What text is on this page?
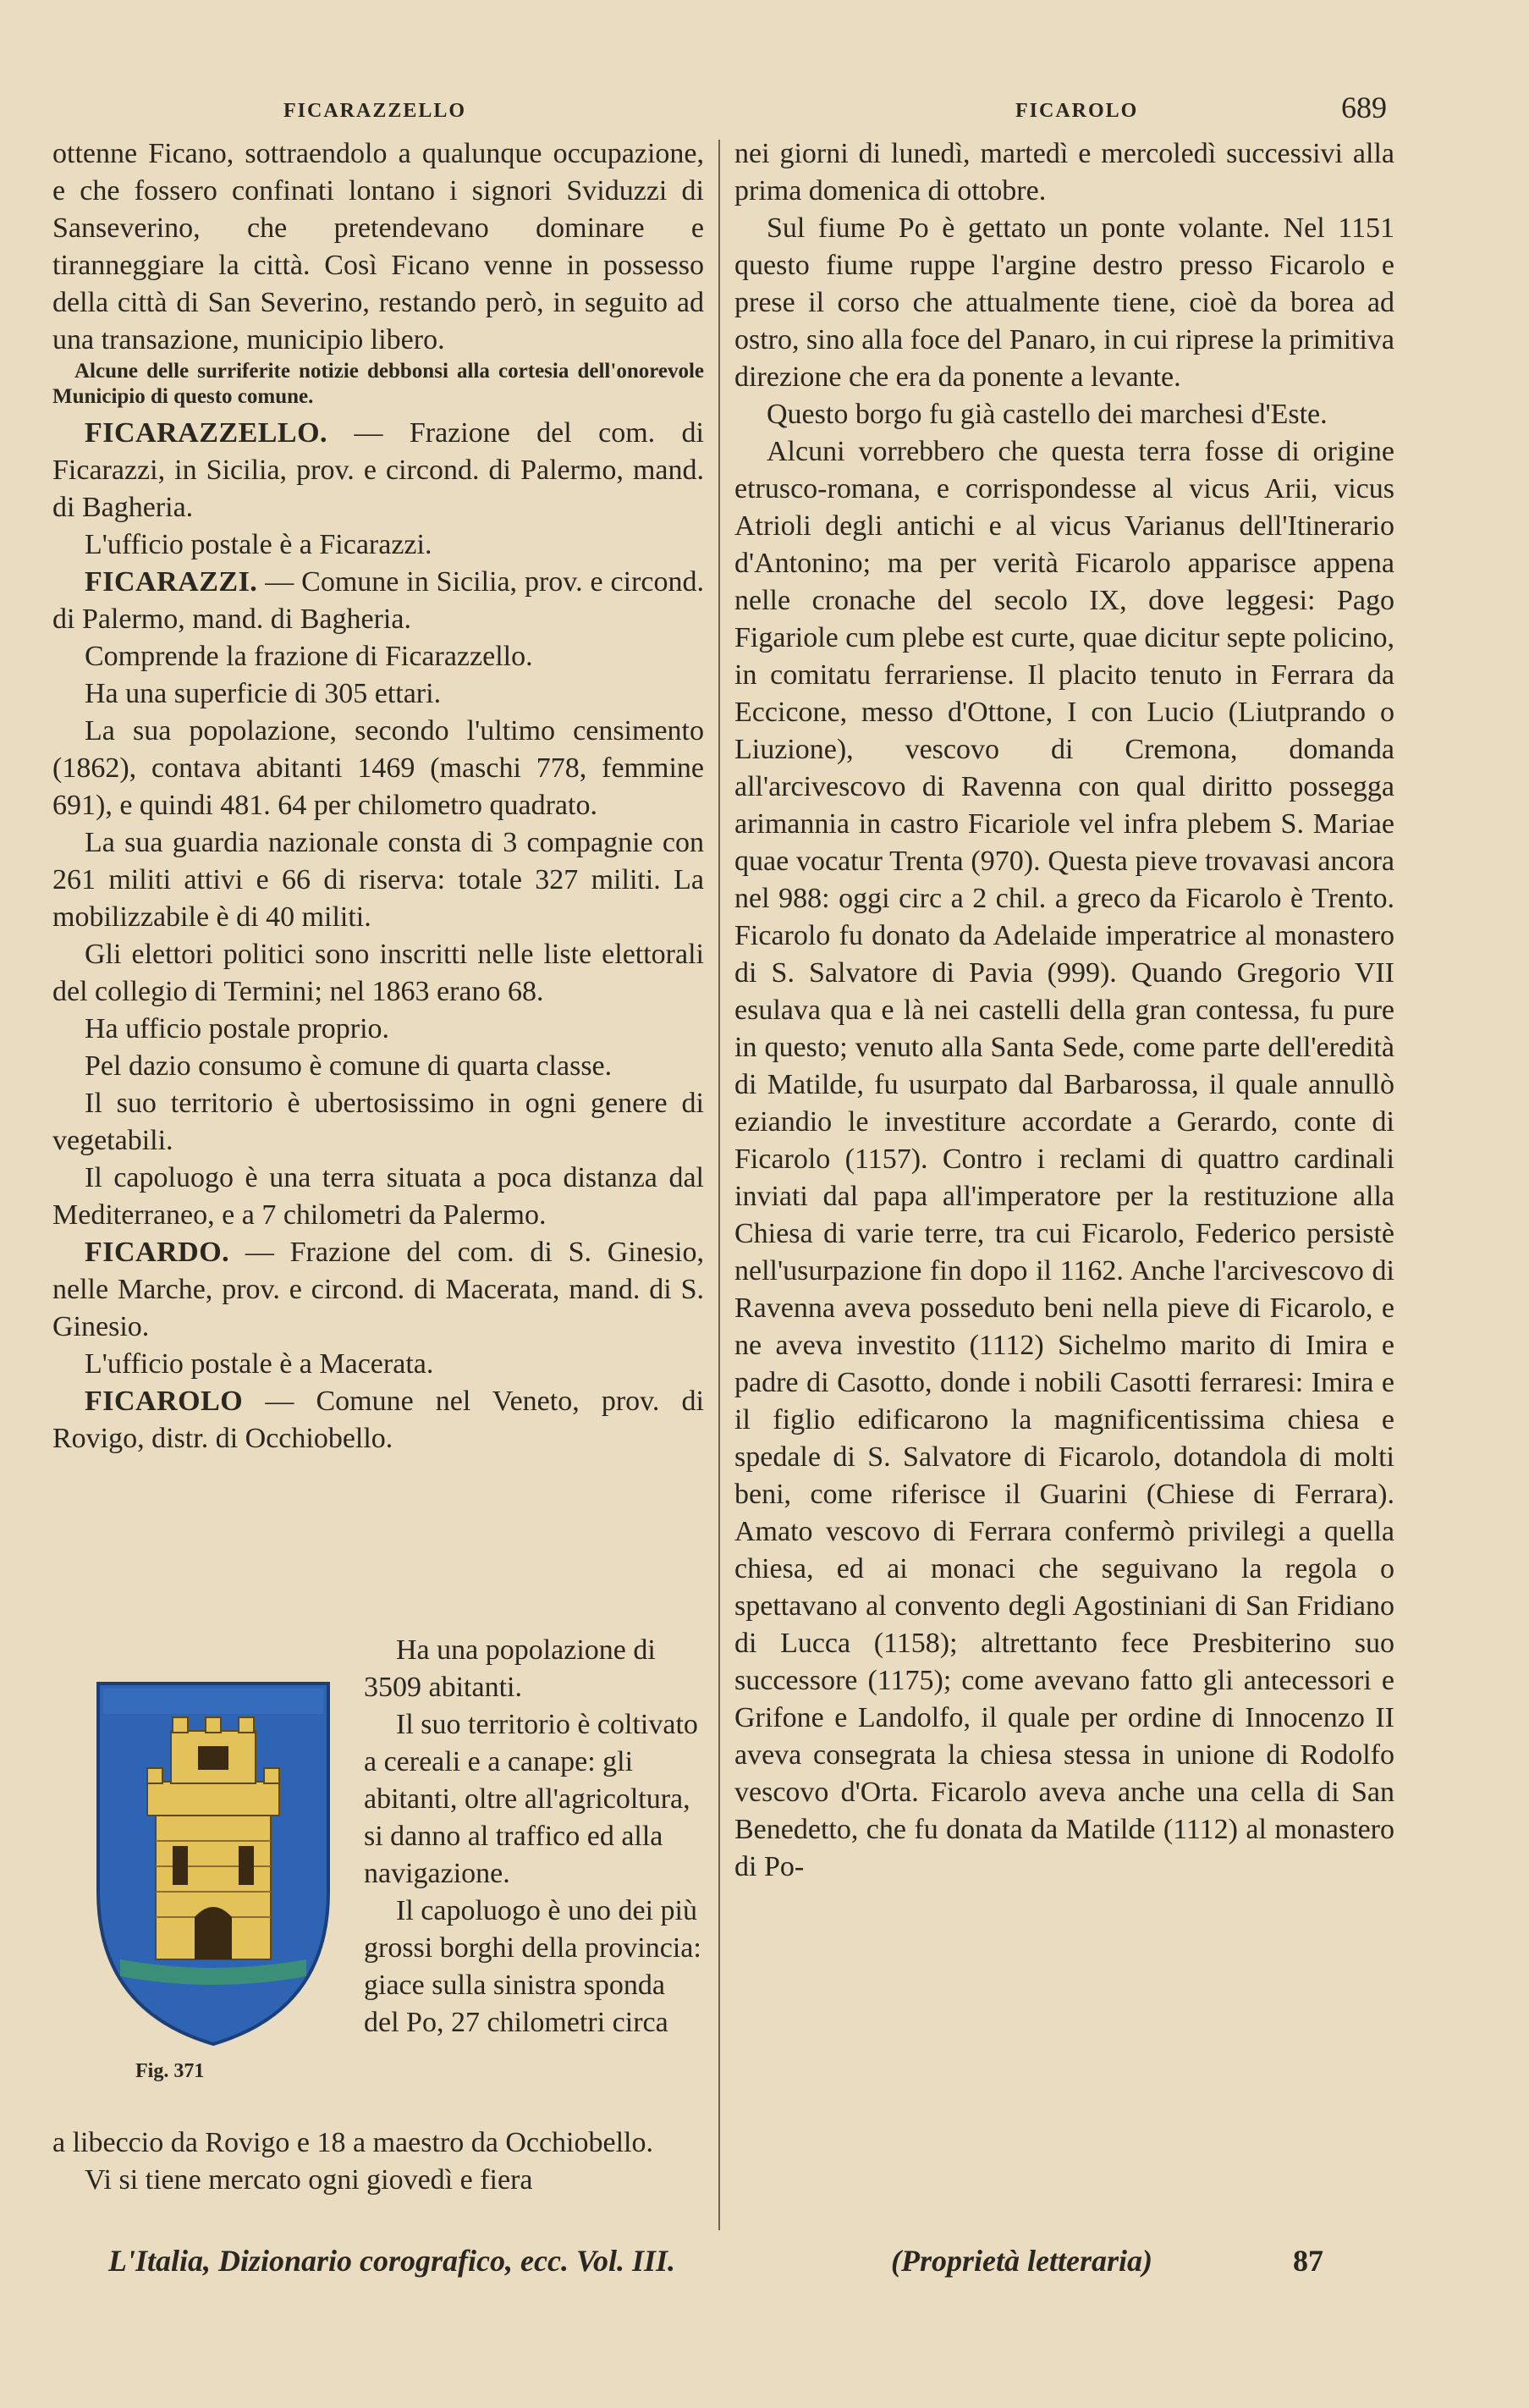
FICARAZZELLO	FICAROLO	689

ottenne Ficano, sottraendolo a qualunque occupazione, e che fossero confinati lontano i signori Sviduzzi di Sanseverino, che pretendevano dominare e tiranneggiare la città. Così Ficano venne in possesso della città di San Severino, restando però, in seguito ad una transazione, municipio libero.

Alcune delle surriferite notizie debbonsi alla cortesia dell'onorevole Municipio di questo comune.

FICARAZZELLO. — Frazione del com. di Ficarazzi, in Sicilia, prov. e circond. di Palermo, mand. di Bagheria.

L'ufficio postale è a Ficarazzi.

FICARAZZI. — Comune in Sicilia, prov. e circond. di Palermo, mand. di Bagheria.

Comprende la frazione di Ficarazzello.

Ha una superficie di 305 ettari.

La sua popolazione, secondo l'ultimo censimento (1862), contava abitanti 1469 (maschi 778, femmine 691), e quindi 481. 64 per chilometro quadrato.

La sua guardia nazionale consta di 3 compagnie con 261 militi attivi e 66 di riserva: totale 327 militi. La mobilizzabile è di 40 militi.

Gli elettori politici sono inscritti nelle liste elettorali del collegio di Termini; nel 1863 erano 68.

Ha ufficio postale proprio.

Pel dazio consumo è comune di quarta classe.

Il suo territorio è ubertosissimo in ogni genere di vegetabili.

Il capoluogo è una terra situata a poca distanza dal Mediterraneo, e a 7 chilometri da Palermo.

FICARDO. — Frazione del com. di S. Ginesio, nelle Marche, prov. e circond. di Macerata, mand. di S. Ginesio.

L'ufficio postale è a Macerata.

FICAROLO — Comune nel Veneto, prov. di Rovigo, distr. di Occhiobello.

Fig. 371

Ha una popolazione di 3509 abitanti.

Il suo territorio è coltivato a cereali e a canape: gli abitanti, oltre all'agricoltura, si danno al traffico ed alla navigazione.

Il capoluogo è uno dei più grossi borghi della provincia: giace sulla sinistra sponda del Po, 27 chilometri circa

a libeccio da Rovigo e 18 a maestro da Occhiobello.

Vi si tiene mercato ogni giovedì e fiera

nei giorni di lunedì, martedì e mercoledì successivi alla prima domenica di ottobre.

Sul fiume Po è gettato un ponte volante. Nel 1151 questo fiume ruppe l'argine destro presso Ficarolo e prese il corso che attualmente tiene, cioè da borea ad ostro, sino alla foce del Panaro, in cui riprese la primitiva direzione che era da ponente a levante.

Questo borgo fu già castello dei marchesi d'Este.

Alcuni vorrebbero che questa terra fosse di origine etrusco-romana, e corrispondesse al vicus Arii, vicus Atrioli degli antichi e al vicus Varianus dell'Itinerario d'Antonino; ma per verità Ficarolo apparisce appena nelle cronache del secolo IX, dove leggesi: Pago Figariole cum plebe est curte, quae dicitur septe policino, in comitatu ferrariense. Il placito tenuto in Ferrara da Eccicone, messo d'Ottone, I con Lucio (Liutprando o Liuzione), vescovo di Cremona, domanda all'arcivescovo di Ravenna con qual diritto possegga arimannia in castro Ficariole vel infra plebem S. Mariae quae vocatur Trenta (970). Questa pieve trovavasi ancora nel 988: oggi circ a 2 chil. a greco da Ficarolo è Trento. Ficarolo fu donato da Adelaide imperatrice al monastero di S. Salvatore di Pavia (999). Quando Gregorio VII esulava qua e là nei castelli della gran contessa, fu pure in questo; venuto alla Santa Sede, come parte dell'eredità di Matilde, fu usurpato dal Barbarossa, il quale annullò eziandio le investiture accordate a Gerardo, conte di Ficarolo (1157). Contro i reclami di quattro cardinali inviati dal papa all'imperatore per la restituzione alla Chiesa di varie terre, tra cui Ficarolo, Federico persistè nell'usurpazione fin dopo il 1162. Anche l'arcivescovo di Ravenna aveva posseduto beni nella pieve di Ficarolo, e ne aveva investito (1112) Sichelmo marito di Imira e padre di Casotto, donde i nobili Casotti ferraresi: Imira e il figlio edificarono la magnificentissima chiesa e spedale di S. Salvatore di Ficarolo, dotandola di molti beni, come riferisce il Guarini (Chiese di Ferrara). Amato vescovo di Ferrara confermò privilegi a quella chiesa, ed ai monaci che seguivano la regola o spettavano al convento degli Agostiniani di San Fridiano di Lucca (1158); altrettanto fece Presbiterino suo successore (1175); come avevano fatto gli antecessori e Grifone e Landolfo, il quale per ordine di Innocenzo II aveva consegrata la chiesa stessa in unione di Rodolfo vescovo d'Orta. Ficarolo aveva anche una cella di San Benedetto, che fu donata da Matilde (1112) al monastero di Po-

L'Italia, Dizionario corografico, ecc. Vol. III.	(Proprietà letteraria)	87
